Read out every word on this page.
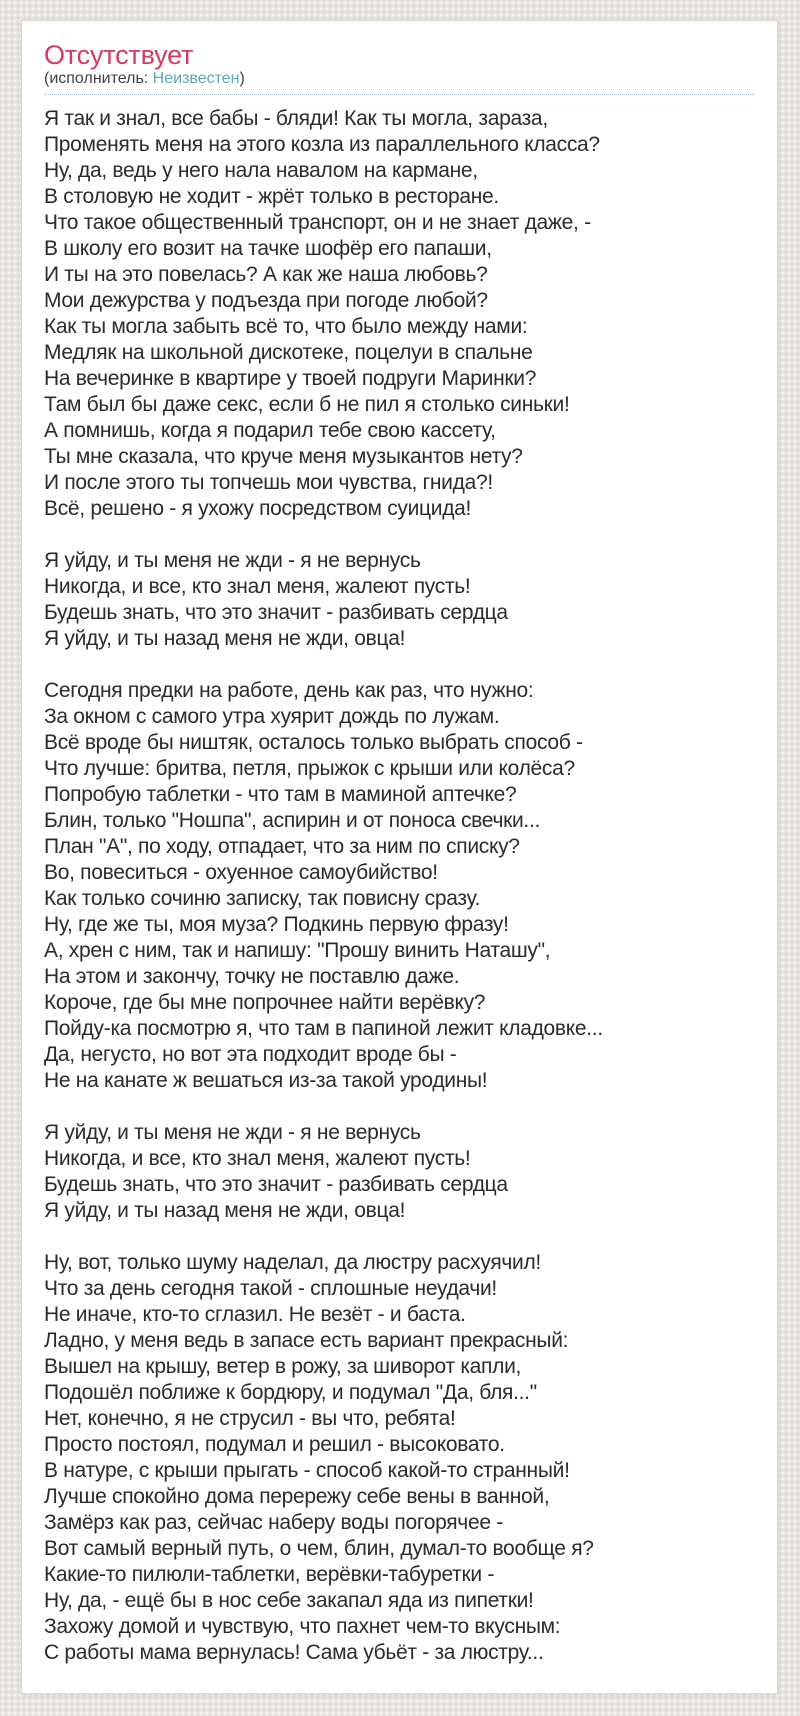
Отсутствует
(исполнитель: Неизвестен)
Я так и знал, все бабы - бляди! Как ты могла, зараза,
Променять меня на этого козла из параллельного класса?
Ну, да, ведь у него нала навалом на кармане,
В столовую не ходит - жрёт только в ресторане.
Что такое общественный транспорт, он и не знает даже, -
В школу его возит на тачке шофёр его папаши,
И ты на это повелась? А как же наша любовь?
Мои дежурства у подъезда при погоде любой?
Как ты могла забыть всё то, что было между нами:
Медляк на школьной дискотеке, поцелуи в спальне
На вечеринке в квартире у твоей подруги Маринки?
Там был бы даже секс, если б не пил я столько синьки!
А помнишь, когда я подарил тебе свою кассету,
Ты мне сказала, что круче меня музыкантов нету?
И после этого ты топчешь мои чувства, гнида?!
Всё, решено - я ухожу посредством суицида!
Я уйду, и ты меня не жди - я не вернусь
Никогда, и все, кто знал меня, жалеют пусть!
Будешь знать, что это значит - разбивать сердца
Я уйду, и ты назад меня не жди, овца!
Сегодня предки на работе, день как раз, что нужно:
За окном с самого утра хуярит дождь по лужам.
Всё вроде бы ништяк, осталось только выбрать способ -
Что лучше: бритва, петля, прыжок с крыши или колёса?
Попробую таблетки - что там в маминой аптечке?
Блин, только "Ношпа", аспирин и от поноса свечки...
План "А", по ходу, отпадает, что за ним по списку?
Во, повеситься - охуенное самоубийство!
Как только сочиню записку, так повисну сразу.
Ну, где же ты, моя муза? Подкинь первую фразу!
А, хрен с ним, так и напишу: "Прошу винить Наташу",
На этом и закончу, точку не поставлю даже.
Короче, где бы мне попрочнее найти верёвку?
Пойду-ка посмотрю я, что там в папиной лежит кладовке...
Да, негусто, но вот эта подходит вроде бы -
Не на канате ж вешаться из-за такой уродины!
Я уйду, и ты меня не жди - я не вернусь
Никогда, и все, кто знал меня, жалеют пусть!
Будешь знать, что это значит - разбивать сердца
Я уйду, и ты назад меня не жди, овца!
Ну, вот, только шуму наделал, да люстру расхуячил!
Что за день сегодня такой - сплошные неудачи!
Не иначе, кто-то сглазил. Не везёт - и баста.
Ладно, у меня ведь в запасе есть вариант прекрасный:
Вышел на крышу, ветер в рожу, за шиворот капли,
Подошёл поближе к бордюру, и подумал "Да, бля..."
Нет, конечно, я не струсил - вы что, ребята!
Просто постоял, подумал и решил - высоковато.
В натуре, с крыши прыгать - способ какой-то странный!
Лучше спокойно дома перережу себе вены в ванной,
Замёрз как раз, сейчас наберу воды погорячее -
Вот самый верный путь, о чем, блин, думал-то вообще я?
Какие-то пилюли-таблетки, верёвки-табуретки -
Ну, да, - ещё бы в нос себе закапал яда из пипетки!
Захожу домой и чувствую, что пахнет чем-то вкусным:
С работы мама вернулась! Сама убьёт - за люстру...
